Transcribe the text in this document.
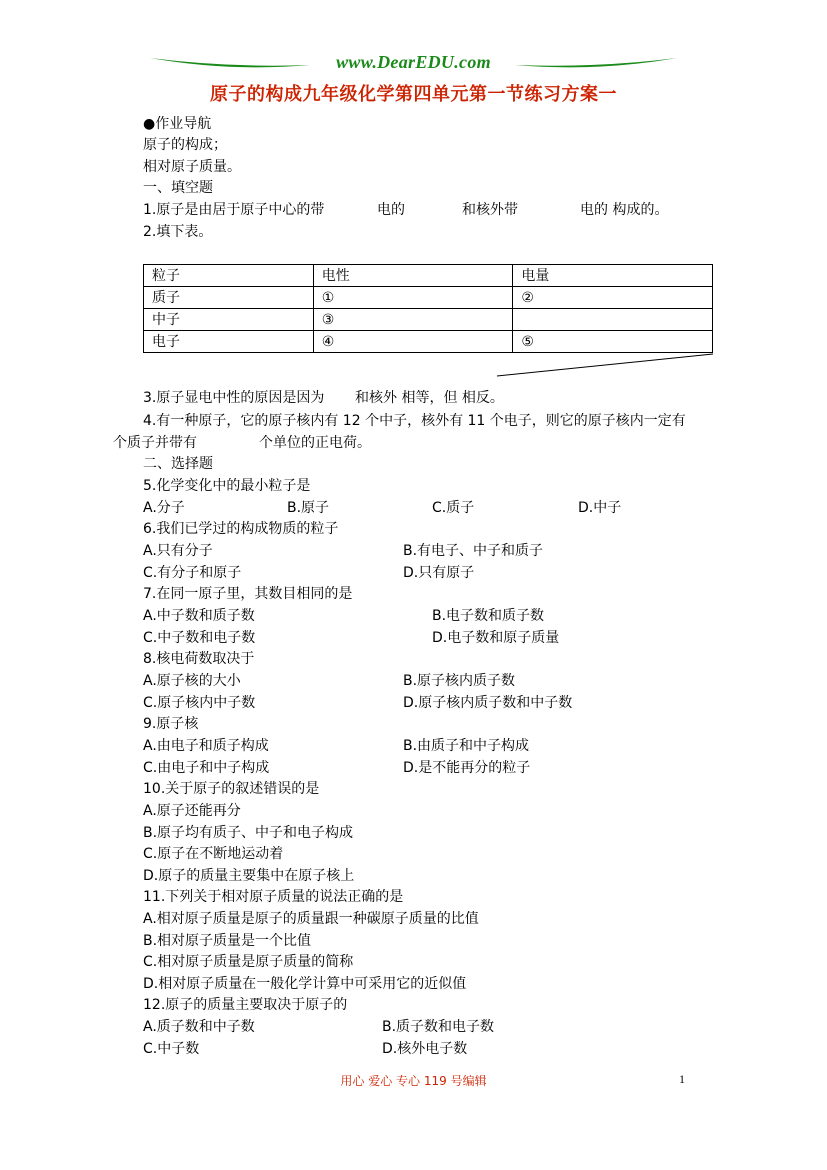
www.DearEDU.com
原子的构成九年级化学第四单元第一节练习方案一
●作业导航
原子的构成；
相对原子质量。
一、填空题
1.原子是由居于原子中心的带	电的	和核外带	电的 构成的。
2.填下表。
粒子	电性	电量
质子	①	②
中子	③	
电子	④	⑤
3.原子显电中性的原因是因为 和核外 相等，但 相反。
4.有一种原子，它的原子核内有 12 个中子，核外有 11 个电子，则它的原子核内一定有
个质子并带有	个单位的正电荷。
二、选择题
5.化学变化中的最小粒子是
A.分子	B.原子	C.质子	D.中子
6.我们已学过的构成物质的粒子
A.只有分子	B.有电子、中子和质子
C.有分子和原子	D.只有原子
7.在同一原子里，其数目相同的是
A.中子数和质子数	B.电子数和质子数
C.中子数和电子数	D.电子数和原子质量
8.核电荷数取决于
A.原子核的大小	B.原子核内质子数
C.原子核内中子数	D.原子核内质子数和中子数
9.原子核
A.由电子和质子构成	B.由质子和中子构成
C.由电子和中子构成	D.是不能再分的粒子
10.关于原子的叙述错误的是
A.原子还能再分
B.原子均有质子、中子和电子构成
C.原子在不断地运动着
D.原子的质量主要集中在原子核上
11.下列关于相对原子质量的说法正确的是
A.相对原子质量是原子的质量跟一种碳原子质量的比值
B.相对原子质量是一个比值
C.相对原子质量是原子质量的简称
D.相对原子质量在一般化学计算中可采用它的近似值
12.原子的质量主要取决于原子的
A.质子数和中子数	B.质子数和电子数
C.中子数	D.核外电子数
用心 爱心 专心 119 号编辑	1
